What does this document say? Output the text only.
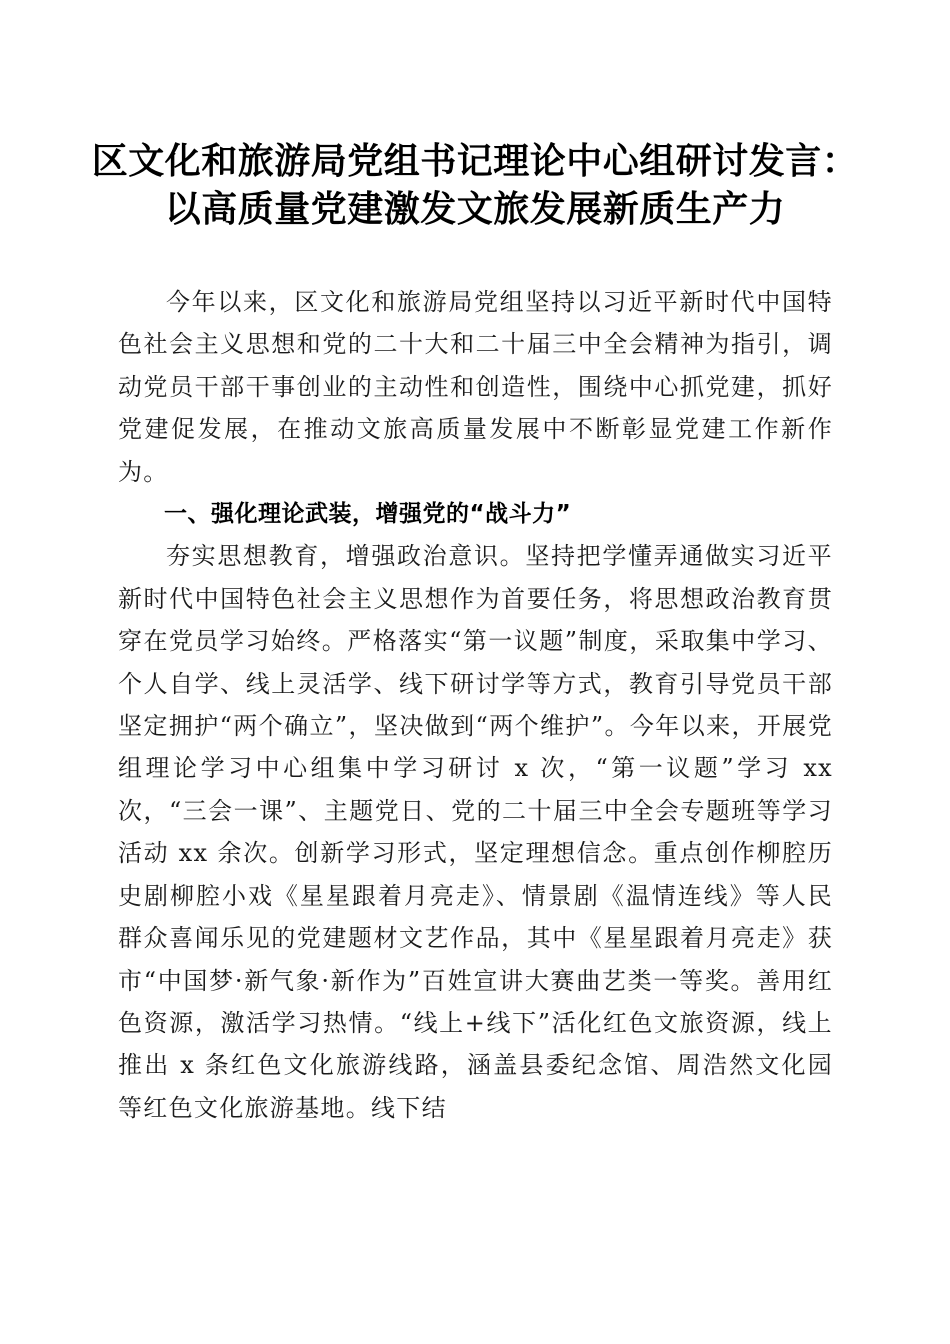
区文化和旅游局党组书记理论中心组研讨发言：
以高质量党建激发文旅发展新质生产力

今年以来，区文化和旅游局党组坚持以习近平新时代中国特色社会主义思想和党的二十大和二十届三中全会精神为指引，调动党员干部干事创业的主动性和创造性，围绕中心抓党建，抓好党建促发展，在推动文旅高质量发展中不断彰显党建工作新作为。

一、强化理论武装，增强党的“战斗力”

夯实思想教育，增强政治意识。坚持把学懂弄通做实习近平新时代中国特色社会主义思想作为首要任务，将思想政治教育贯穿在党员学习始终。严格落实“第一议题”制度，采取集中学习、个人自学、线上灵活学、线下研讨学等方式，教育引导党员干部坚定拥护“两个确立”，坚决做到“两个维护”。今年以来，开展党组理论学习中心组集中学习研讨 x 次，“第一议题”学习 xx 次，“三会一课”、主题党日、党的二十届三中全会专题班等学习活动 xx 余次。创新学习形式，坚定理想信念。重点创作柳腔历史剧柳腔小戏《星星跟着月亮走》、情景剧《温情连线》等人民群众喜闻乐见的党建题材文艺作品，其中《星星跟着月亮走》获市“中国梦·新气象·新作为”百姓宣讲大赛曲艺类一等奖。善用红色资源，激活学习热情。“线上+线下”活化红色文旅资源，线上推出 x 条红色文化旅游线路，涵盖县委纪念馆、周浩然文化园等红色文化旅游基地。线下结
